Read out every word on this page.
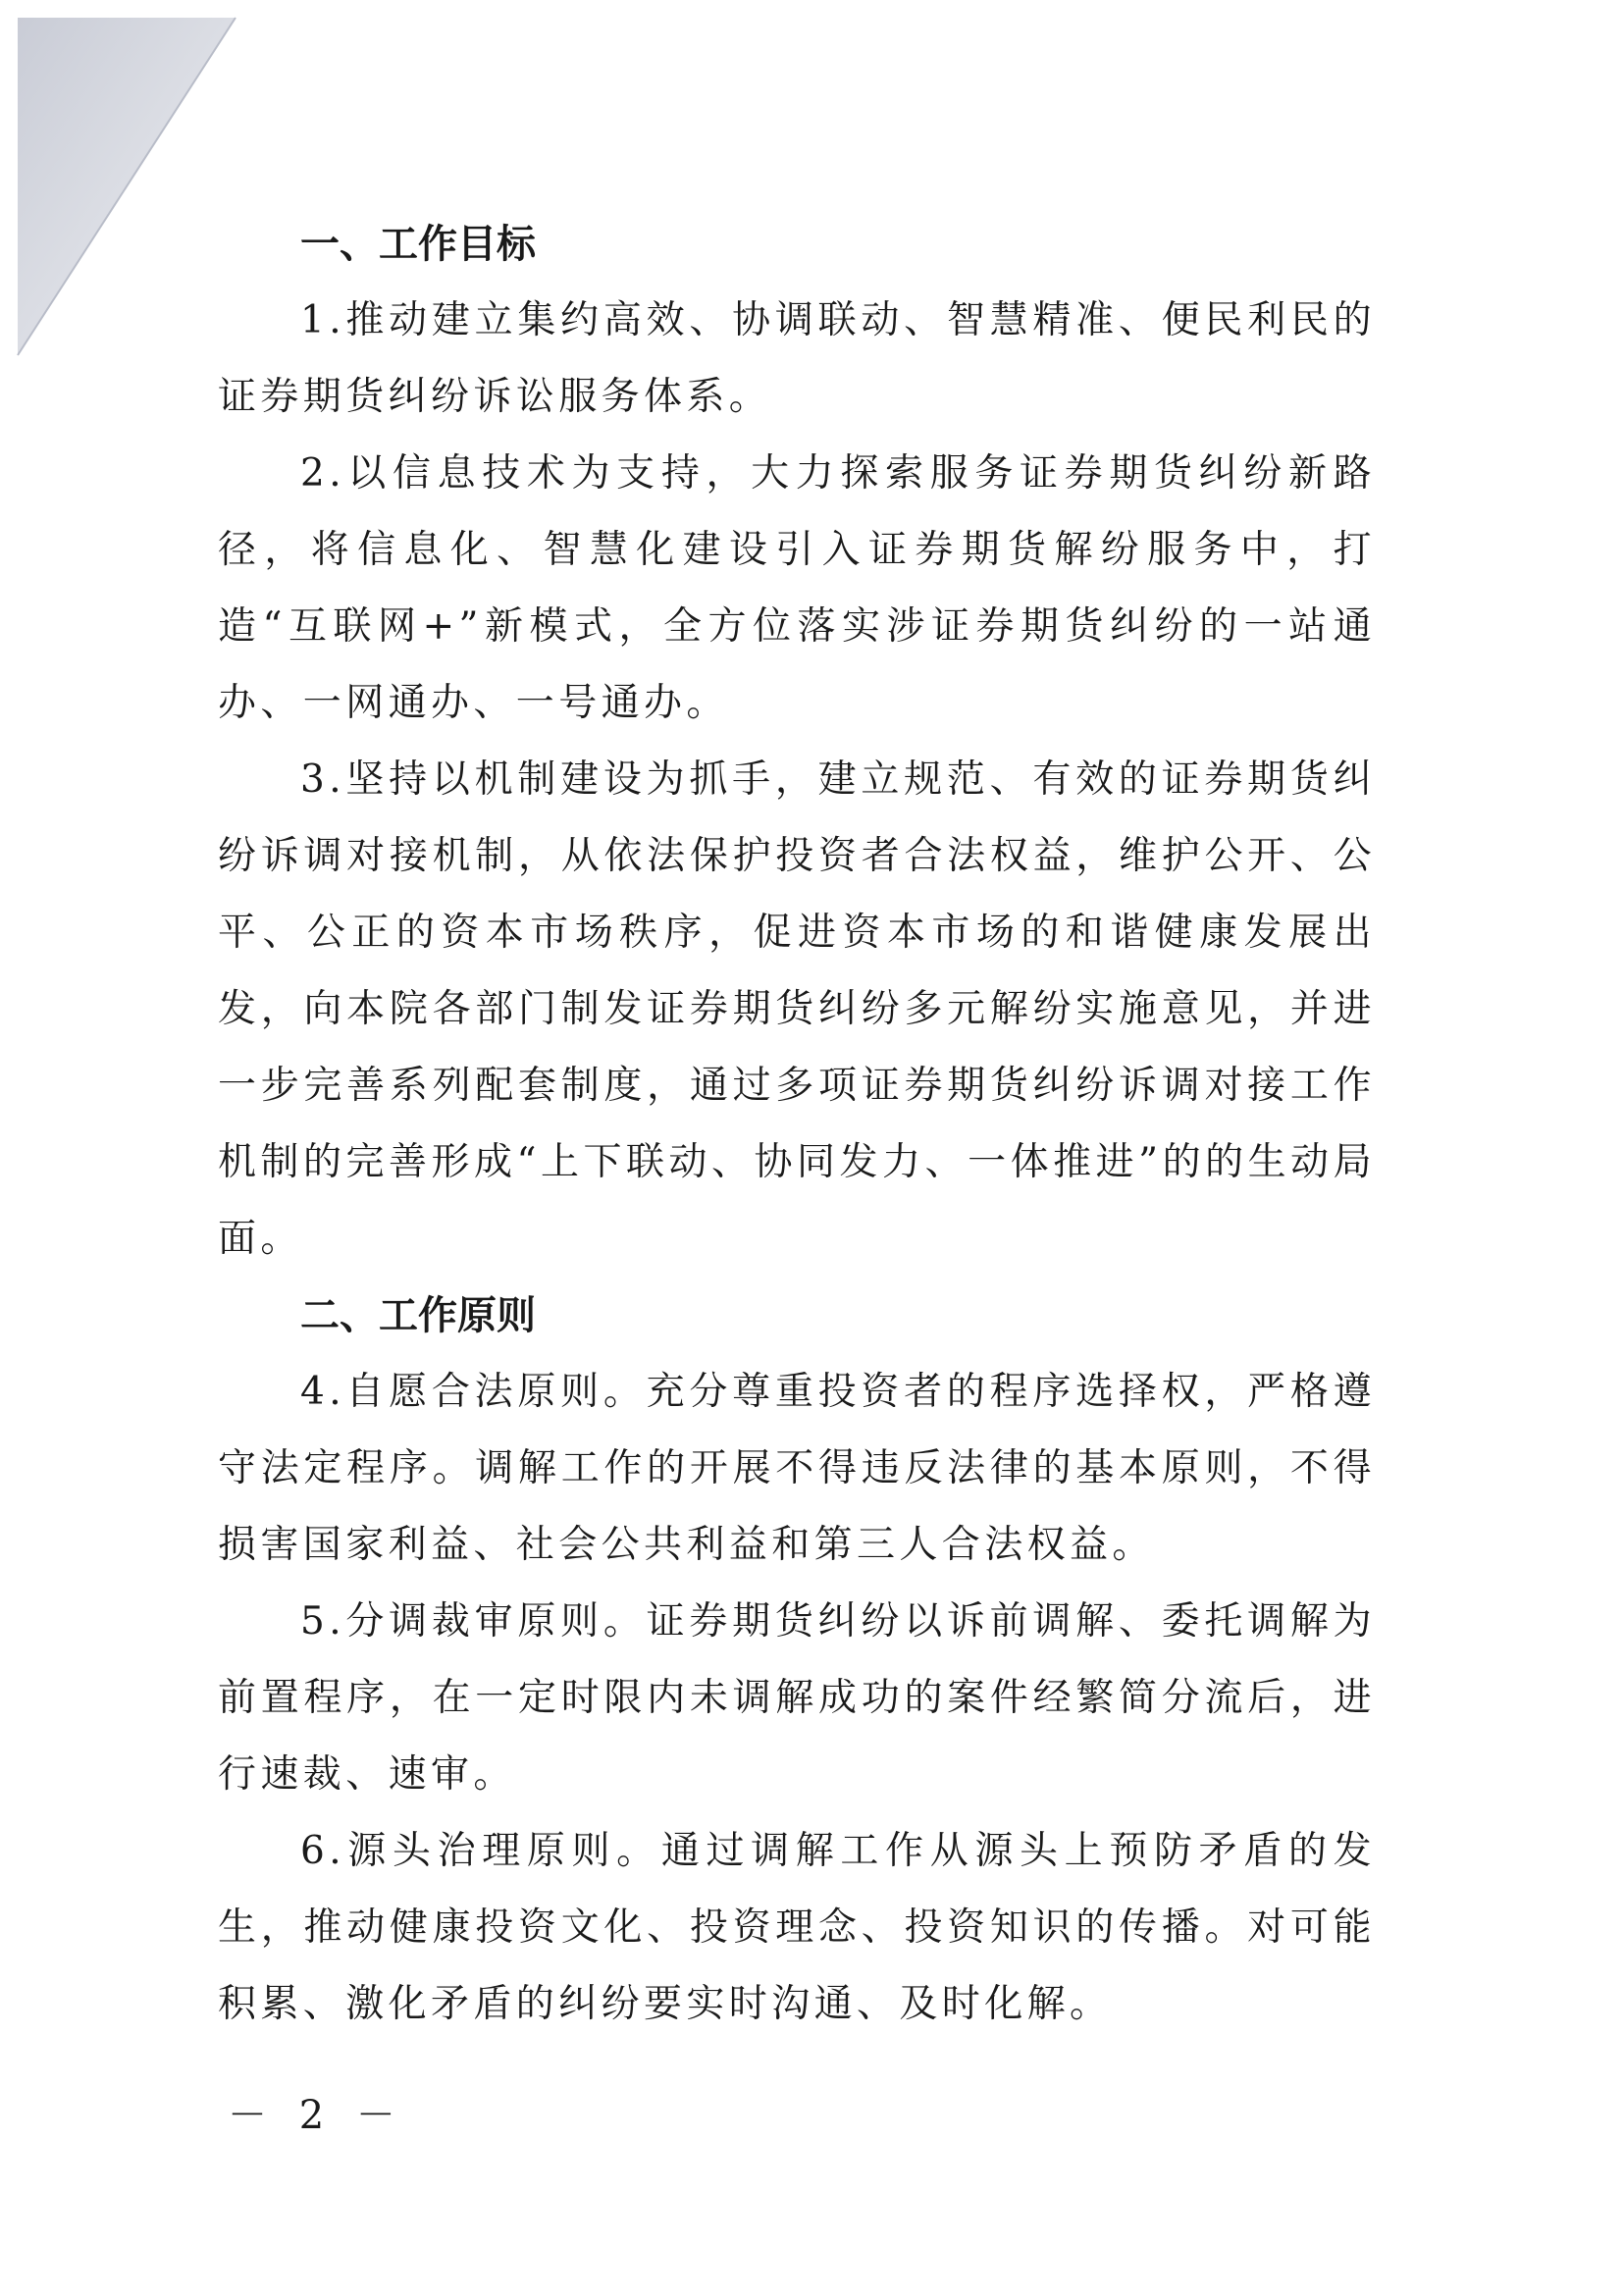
一、工作目标

1.推动建立集约高效、协调联动、智慧精准、便民利民的证券期货纠纷诉讼服务体系。

2.以信息技术为支持，大力探索服务证券期货纠纷新路径，将信息化、智慧化建设引入证券期货解纷服务中，打造“互联网+”新模式，全方位落实涉证券期货纠纷的一站通办、一网通办、一号通办。

3.坚持以机制建设为抓手，建立规范、有效的证券期货纠纷诉调对接机制，从依法保护投资者合法权益，维护公开、公平、公正的资本市场秩序，促进资本市场的和谐健康发展出发，向本院各部门制发证券期货纠纷多元解纷实施意见，并进一步完善系列配套制度，通过多项证券期货纠纷诉调对接工作机制的完善形成“上下联动、协同发力、一体推进”的的生动局面。

二、工作原则

4.自愿合法原则。充分尊重投资者的程序选择权，严格遵守法定程序。调解工作的开展不得违反法律的基本原则，不得损害国家利益、社会公共利益和第三人合法权益。

5.分调裁审原则。证券期货纠纷以诉前调解、委托调解为前置程序，在一定时限内未调解成功的案件经繁简分流后，进行速裁、速审。

6.源头治理原则。通过调解工作从源头上预防矛盾的发生，推动健康投资文化、投资理念、投资知识的传播。对可能积累、激化矛盾的纠纷要实时沟通、及时化解。

－ 2 －
